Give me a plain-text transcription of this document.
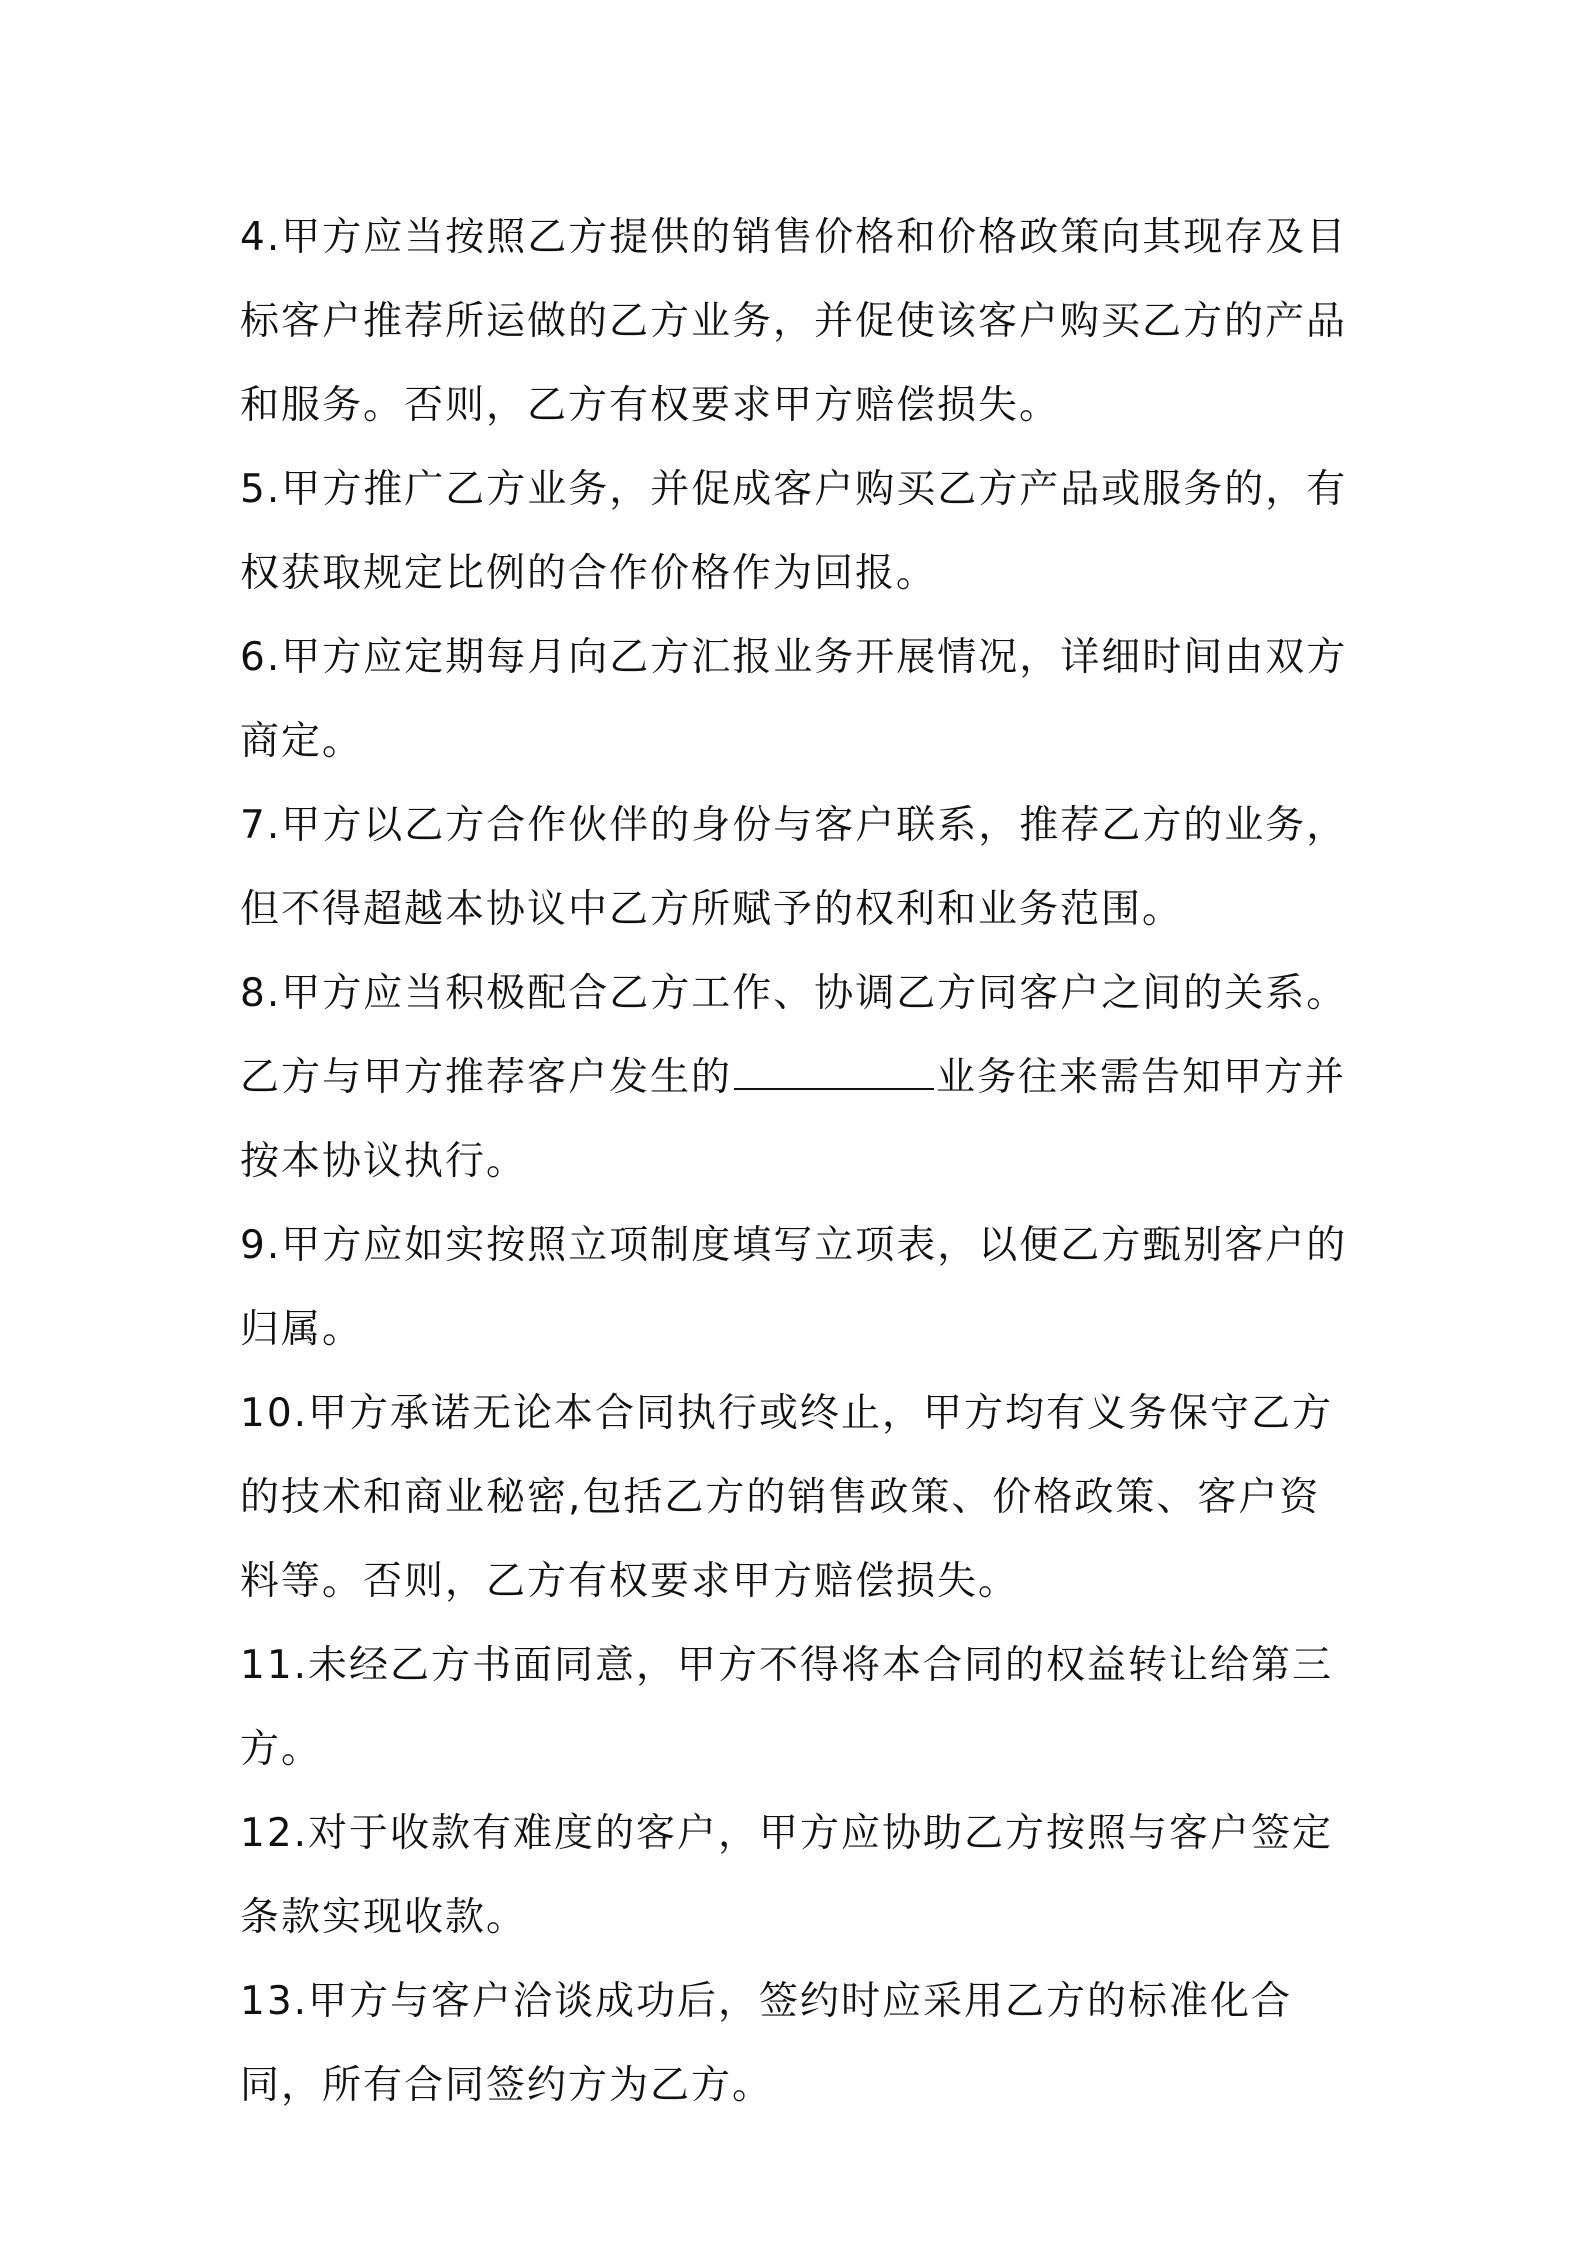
4.甲方应当按照乙方提供的销售价格和价格政策向其现存及目标客户推荐所运做的乙方业务，并促使该客户购买乙方的产品和服务。否则，乙方有权要求甲方赔偿损失。

5.甲方推广乙方业务，并促成客户购买乙方产品或服务的，有权获取规定比例的合作价格作为回报。

6.甲方应定期每月向乙方汇报业务开展情况，详细时间由双方商定。

7.甲方以乙方合作伙伴的身份与客户联系，推荐乙方的业务，但不得超越本协议中乙方所赋予的权利和业务范围。

8.甲方应当积极配合乙方工作、协调乙方同客户之间的关系。乙方与甲方推荐客户发生的	业务往来需告知甲方并按本协议执行。

9.甲方应如实按照立项制度填写立项表，以便乙方甄别客户的归属。

10.甲方承诺无论本合同执行或终止，甲方均有义务保守乙方的技术和商业秘密,包括乙方的销售政策、价格政策、客户资料等。否则，乙方有权要求甲方赔偿损失。

11.未经乙方书面同意，甲方不得将本合同的权益转让给第三方。

12.对于收款有难度的客户，甲方应协助乙方按照与客户签定条款实现收款。

13.甲方与客户洽谈成功后，签约时应采用乙方的标准化合同，所有合同签约方为乙方。
